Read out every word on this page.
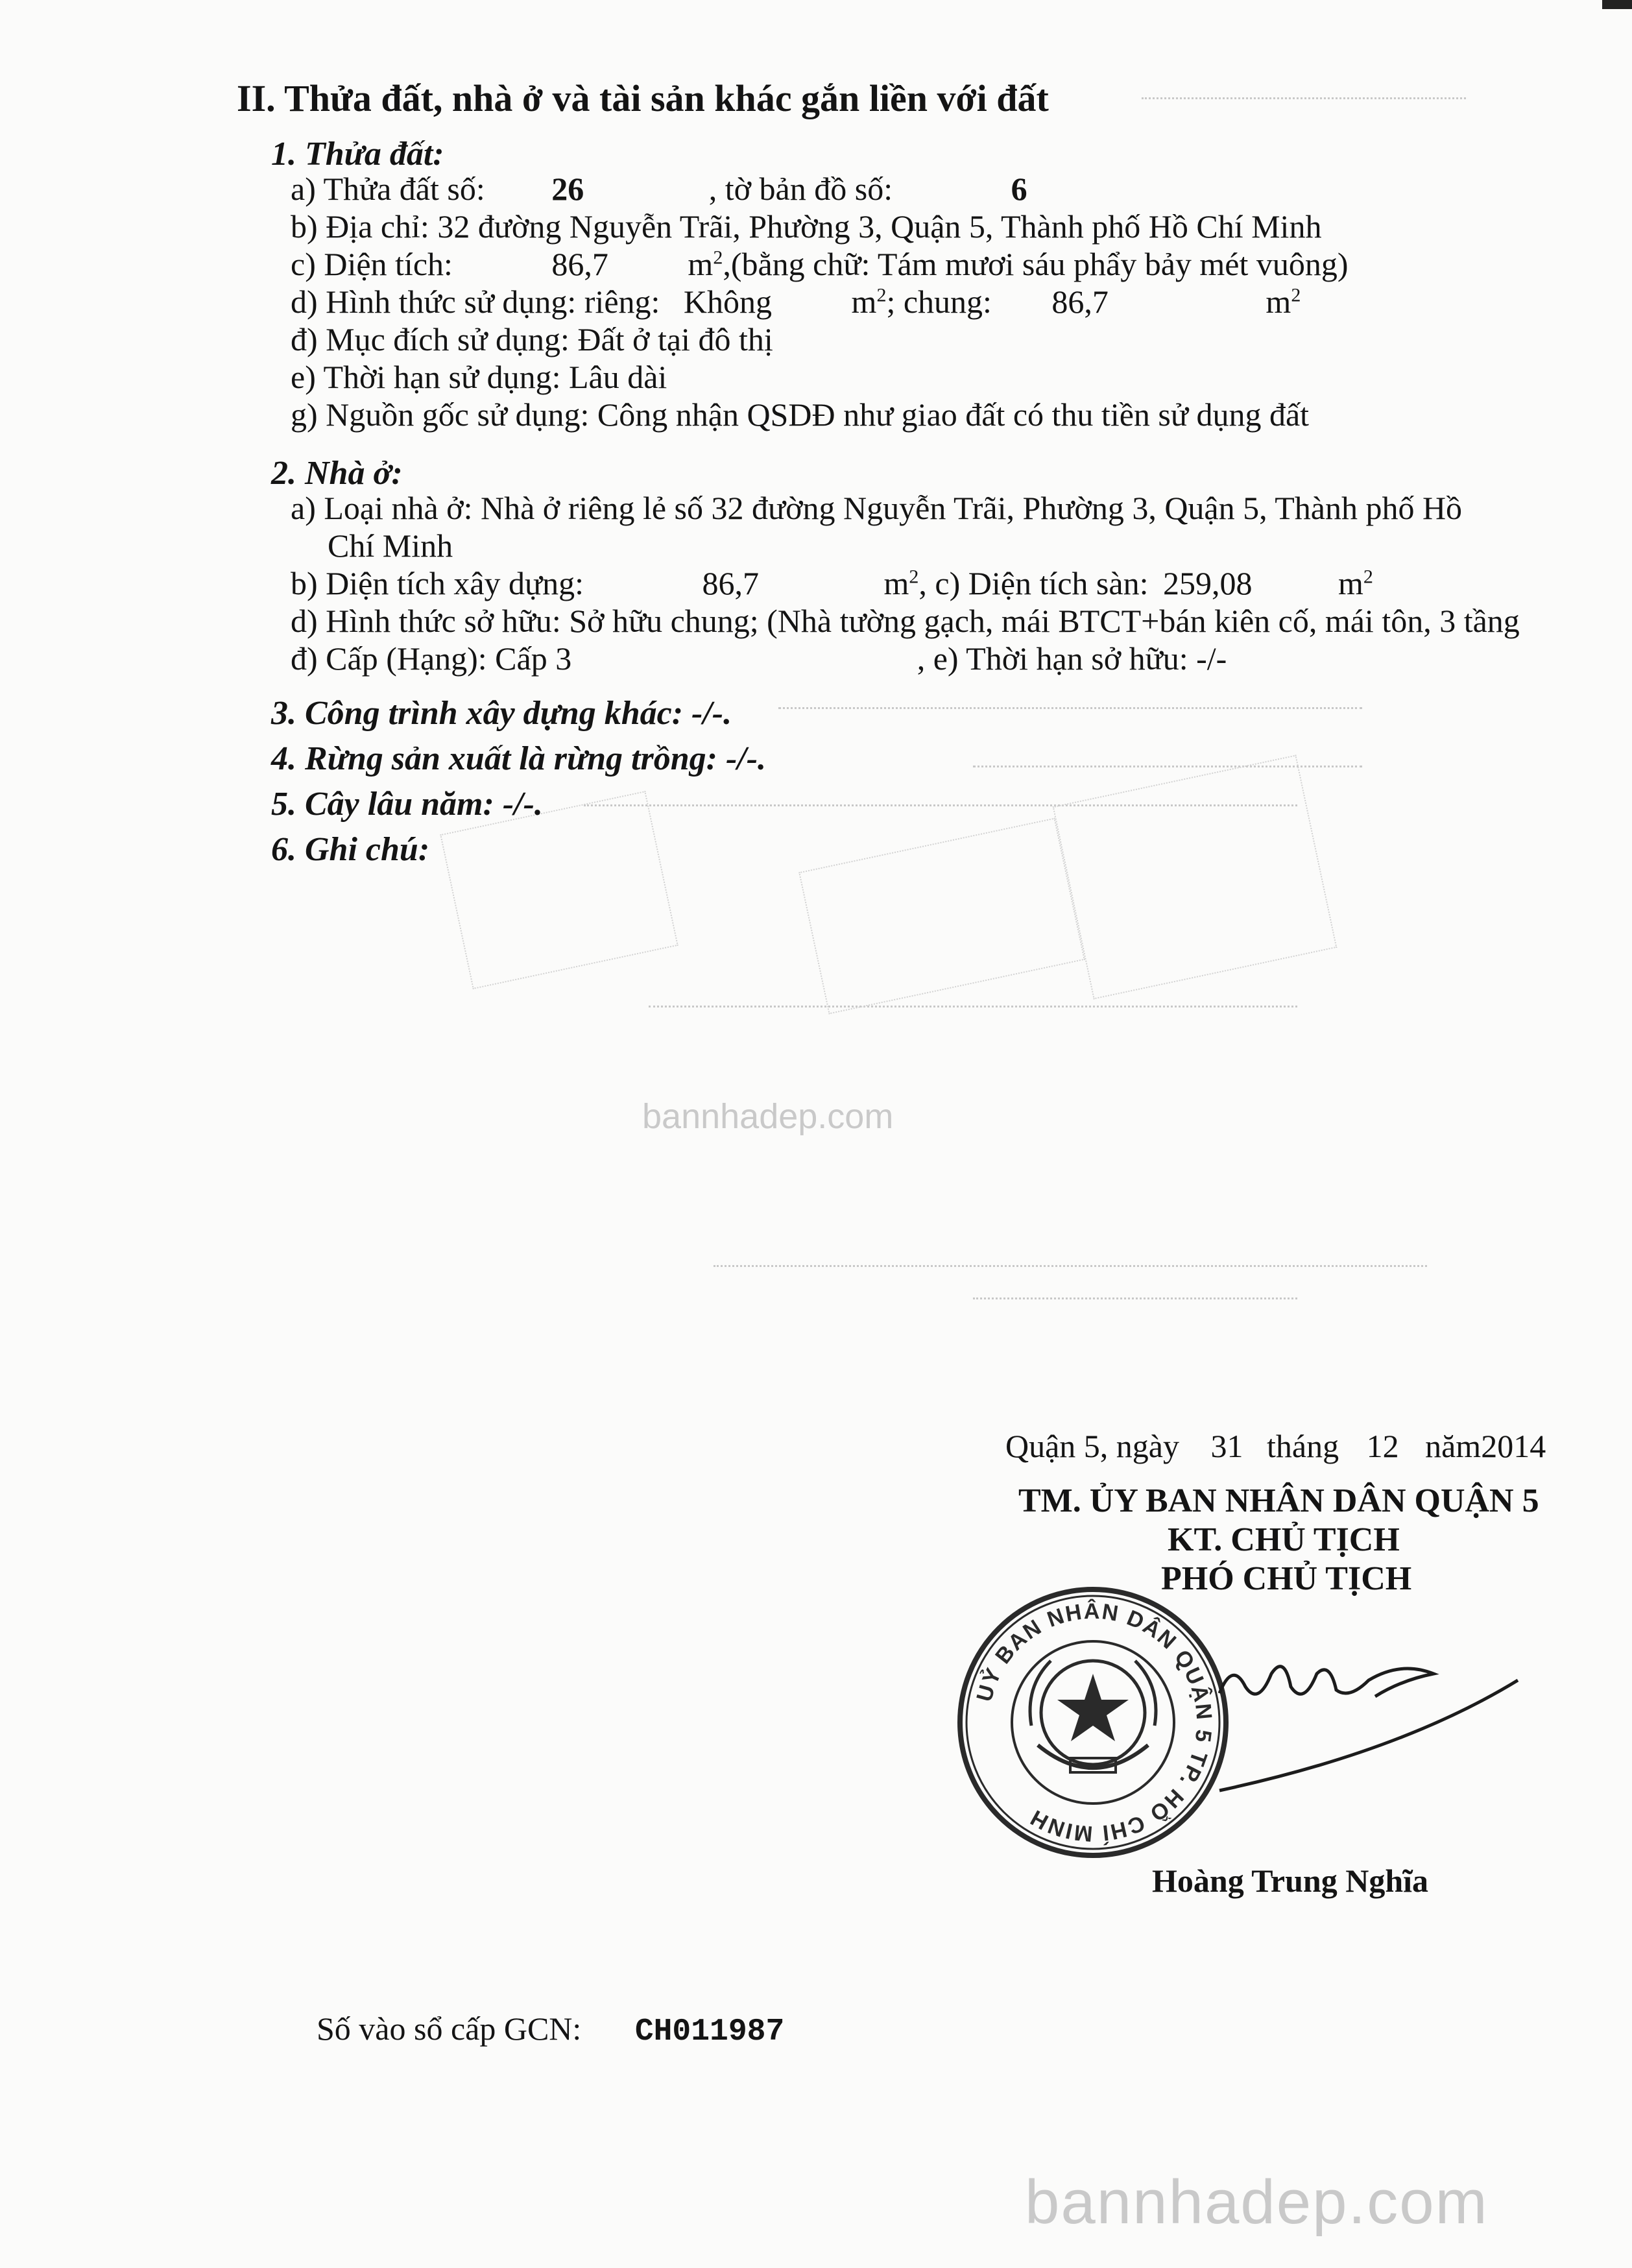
II. Thửa đất, nhà ở và tài sản khác gắn liền với đất
1. Thửa đất:
a) Thửa đất số: 26	, tờ bản đồ số:	6
b) Địa chỉ: 32 đường Nguyễn Trãi, Phường 3, Quận 5, Thành phố Hồ Chí Minh
c) Diện tích:	86,7 $m^2,(bằng$ chữ: Tám mươi sáu phẩy bảy mét vuông)
d) Hình thức sử dụng: riêng: Không $m^2$; chung: 86,7	$m^2$
đ) Mục đích sử dụng: Đất ở tại đô thị
e) Thời hạn sử dụng: Lâu dài
g) Nguồn gốc sử dụng: Công nhận QSDĐ như giao đất có thu tiền sử dụng đất
2. Nhà ở:
a) Loại nhà ở: Nhà ở riêng lẻ số 32 đường Nguyễn Trãi, Phường 3, Quận 5, Thành phố Hồ
Chí Minh
b) Diện tích xây dựng:	86,7	$m^2$, c) Diện tích sàn: 259,08	$m^2$
d) Hình thức sở hữu: Sở hữu chung; (Nhà tường gạch, mái BTCT+bán kiên cố, mái tôn, 3 tầng
đ) Cấp (Hạng): Cấp 3	, e) Thời hạn sở hữu: -/-
3. Công trình xây dựng khác: -/-.
4. Rừng sản xuất là rừng trồng: -/-.
5. Cây lâu năm: -/-.
6. Ghi chú:
bannhadep.com
Quận 5, ngày 31 tháng 12 năm2014
TM. ỦY BAN NHÂN DÂN QUẬN 5
KT. CHỦ TỊCH
PHÓ CHỦ TỊCH
UỶ BAN NHÂN DÂN QUẬN 5 TP. HỒ CHÍ MINH
Hoàng Trung Nghĩa
Số vào sổ cấp GCN: CH011987
bannhadep.com
